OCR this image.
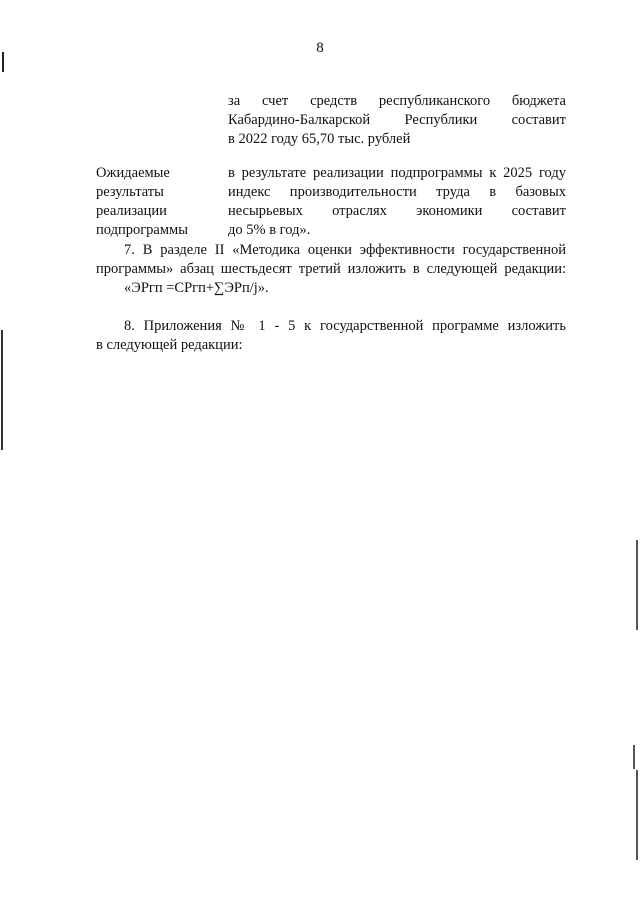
8
за счет средств республиканского бюджета
Кабардино-Балкарской Республики составит
в 2022 году 65,70 тыс. рублей
Ожидаемые
результаты
реализации
подпрограммы
в результате реализации подпрограммы к 2025 году
индекс производительности труда в базовых
несырьевых отраслях экономики составит
до 5% в год».
7. В разделе II «Методика оценки эффективности государственной
программы» абзац шестьдесят третий изложить в следующей редакции:
«ЭРгп =СРгп+∑ЭРп/j».
8. Приложения № 1 - 5 к государственной программе изложить
в следующей редакции:
